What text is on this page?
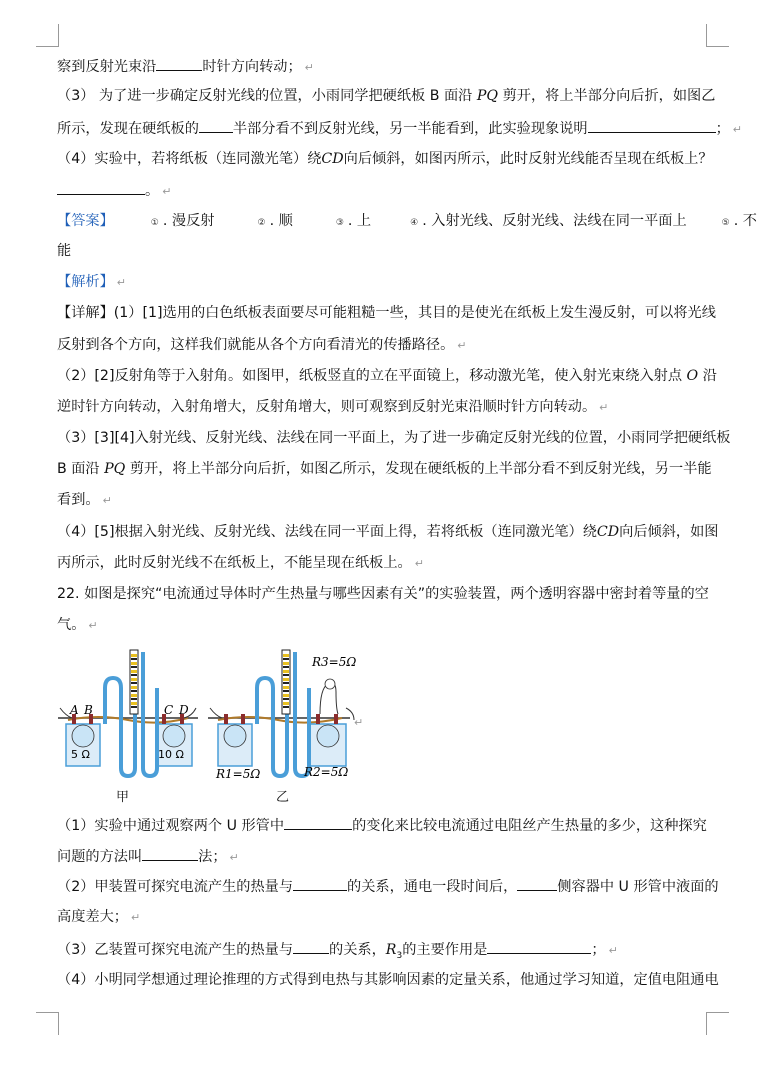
察到反射光束沿	时针方向转动； ↵
（3） 为了进一步确定反射光线的位置，小雨同学把硬纸板 B 面沿 PQ 剪开，将上半部分向后折，如图乙
所示，发现在硬纸板的 半部分看不到反射光线，另一半能看到，此实验现象说明	； ↵
（4）实验中，若将纸板（连同激光笔）绕CD向后倾斜，如图丙所示，此时反射光线能否呈现在纸板上？
。 ↵
【答案】	① . 漫反射	② . 顺	③ . 上	④ . 入射光线、反射光线、法线在同一平面上	⑤ . 不
能
【解析】 ↵
【详解】(1）[1]选用的白色纸板表面要尽可能粗糙一些，其目的是使光在纸板上发生漫反射，可以将光线
反射到各个方向，这样我们就能从各个方向看清光的传播路径。 ↵
（2）[2]反射角等于入射角。如图甲，纸板竖直的立在平面镜上，移动激光笔，使入射光束绕入射点 O 沿
逆时针方向转动，入射角增大，反射角增大，则可观察到反射光束沿顺时针方向转动。 ↵
（3）[3][4]入射光线、反射光线、法线在同一平面上，为了进一步确定反射光线的位置，小雨同学把硬纸板
B 面沿 PQ 剪开，将上半部分向后折，如图乙所示，发现在硬纸板的上半部分看不到反射光线，另一半能
看到。 ↵
（4）[5]根据入射光线、反射光线、法线在同一平面上得，若将纸板（连同激光笔）绕CD向后倾斜，如图
丙所示，此时反射光线不在纸板上，不能呈现在纸板上。 ↵
22. 如图是探究“电流通过导体时产生热量与哪些因素有关”的实验装置，两个透明容器中密封着等量的空
气。 ↵
A B	C D
5 Ω	10 Ω
R3=5Ω
R1=5Ω	R2=5Ω
甲	乙
↵
（1）实验中通过观察两个 U 形管中	的变化来比较电流通过电阻丝产生热量的多少，这种探究
问题的方法叫	法； ↵
（2）甲装置可探究电流产生的热量与	的关系，通电一段时间后，	侧容器中 U 形管中液面的
高度差大； ↵
（3）乙装置可探究电流产生的热量与	的关系，$R_3$的主要作用是	； ↵
（4）小明同学想通过理论推理的方式得到电热与其影响因素的定量关系，他通过学习知道，定值电阻通电
